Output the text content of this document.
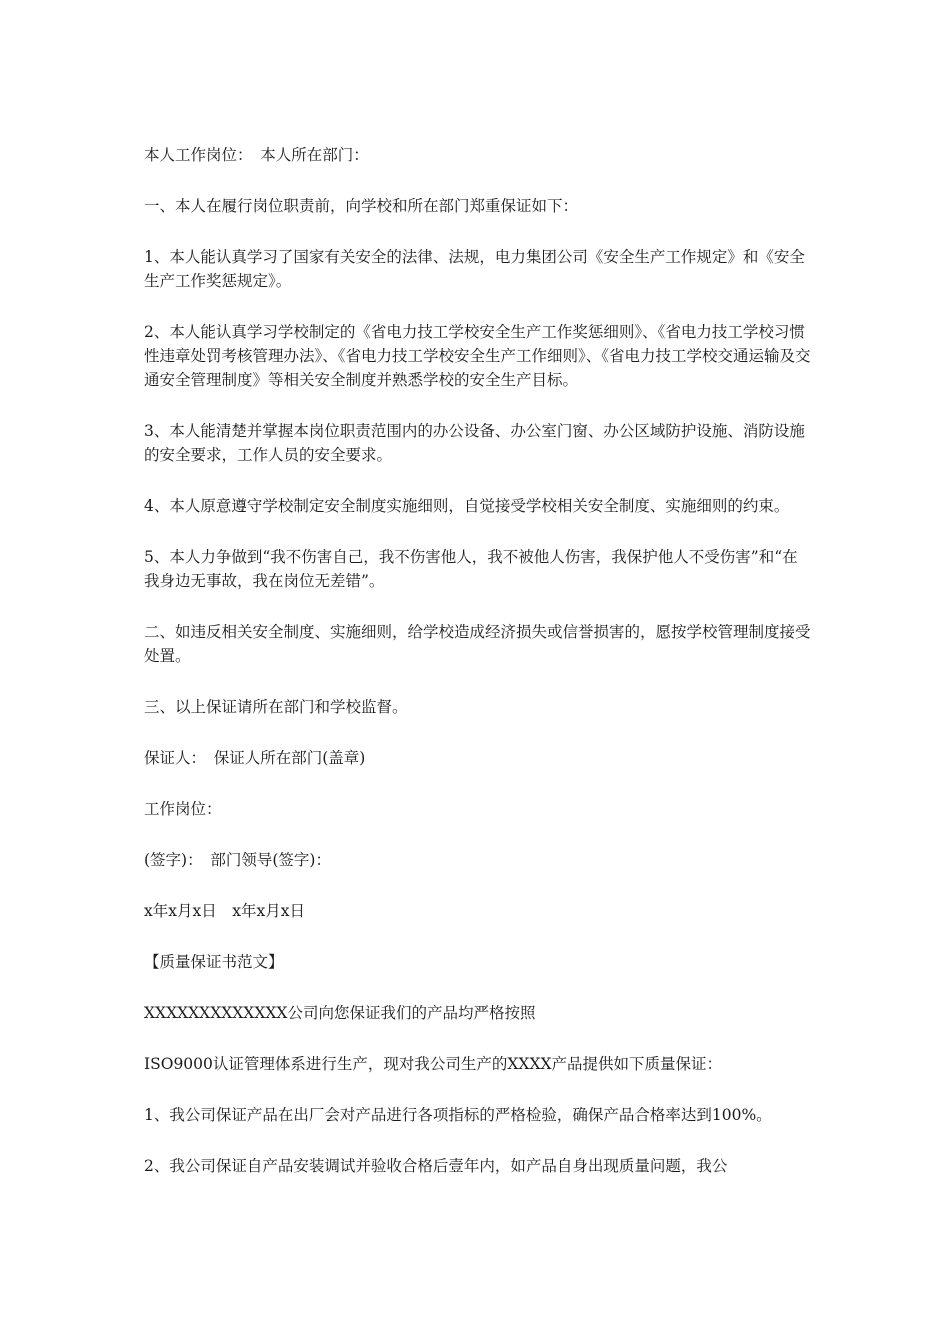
本人工作岗位：　本人所在部门：

一、本人在履行岗位职责前，向学校和所在部门郑重保证如下：

1、本人能认真学习了国家有关安全的法律、法规，电力集团公司《安全生产工作规定》和《安全生产工作奖惩规定》。

2、本人能认真学习学校制定的《省电力技工学校安全生产工作奖惩细则》、《省电力技工学校习惯性违章处罚考核管理办法》、《省电力技工学校安全生产工作细则》、《省电力技工学校交通运输及交通安全管理制度》等相关安全制度并熟悉学校的安全生产目标。

3、本人能清楚并掌握本岗位职责范围内的办公设备、办公室门窗、办公区域防护设施、消防设施的安全要求，工作人员的安全要求。

4、本人原意遵守学校制定安全制度实施细则，自觉接受学校相关安全制度、实施细则的约束。

5、本人力争做到“我不伤害自己，我不伤害他人，我不被他人伤害，我保护他人不受伤害”和“在我身边无事故，我在岗位无差错”。

二、如违反相关安全制度、实施细则，给学校造成经济损失或信誉损害的，愿按学校管理制度接受处置。

三、以上保证请所在部门和学校监督。

保证人：　保证人所在部门(盖章)

工作岗位：

(签字)：　部门领导(签字)：

x年x月x日　x年x月x日

【质量保证书范文】

XXXXXXXXXXXXX公司向您保证我们的产品均严格按照

ISO9000认证管理体系进行生产，现对我公司生产的XXXX产品提供如下质量保证：

1、我公司保证产品在出厂会对产品进行各项指标的严格检验，确保产品合格率达到100%。

2、我公司保证自产品安装调试并验收合格后壹年内，如产品自身出现质量问题，我公
